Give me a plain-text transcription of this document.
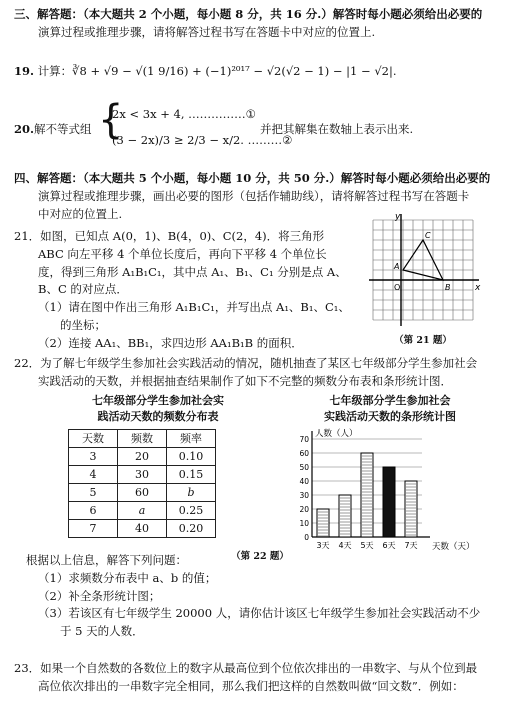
三、解答题：（本大题共 2 个小题，每小题 8 分，共 16 分.）解答时每小题必须给出必要的
演算过程或推理步骤，请将解答过程书写在答题卡中对应的位置上.
19. 计算：∛8 + √9 − √(1 9/16) + (−1)²⁰¹⁷ − √2(√2 − 1) − |1 − √2|.
20. 解不等式组 {
2x < 3x + 4, ……………①
(3 − 2x)/3 ≥ 2/3 − x/2. ………②
并把其解集在数轴上表示出来.
四、解答题：（本大题共 5 个小题，每小题 10 分，共 50 分.）解答时每小题必须给出必要的
演算过程或推理步骤，画出必要的图形（包括作辅助线），请将解答过程书写在答题卡
中对应的位置上.
21．如图，已知点 A(0，1)、B(4，0)、C(2，4)．将三角形
ABC 向左平移 4 个单位长度后，再向下平移 4 个单位长
度，得到三角形 A₁B₁C₁，其中点 A₁、B₁、C₁ 分别是点 A、
B、C 的对应点．
（1）请在图中作出三角形 A₁B₁C₁，并写出点 A₁、B₁、C₁、
的坐标；
（2）连接 AA₁、BB₁，求四边形 AA₁B₁B 的面积．
y
x
O
A
B
C
（第 21 题）
22．为了解七年级学生参加社会实践活动的情况，随机抽查了某区七年级部分学生参加社会
实践活动的天数，并根据抽查结果制作了如下不完整的频数分布表和条形统计图．
七年级部分学生参加社会实
践活动天数的频数分布表
天数	频数	频率
3	20	0.10
4	30	0.15
5	60	b
6	a	0.25
7	40	0.20
七年级部分学生参加社会
实践活动天数的条形统计图
0
10
20
30
40
50
60
70
人数（人）
天数（天）
3天 4天 5天 6天 7天
（第 22 题）
根据以上信息，解答下列问题：
（1）求频数分布表中 a、b 的值；
（2）补全条形统计图；
（3）若该区有七年级学生 20000 人，请你估计该区七年级学生参加社会实践活动不少
于 5 天的人数．
23．如果一个自然数的各数位上的数字从最高位到个位依次排出的一串数字、与从个位到最
高位依次排出的一串数字完全相同，那么我们把这样的自然数叫做“回文数”．例如：
